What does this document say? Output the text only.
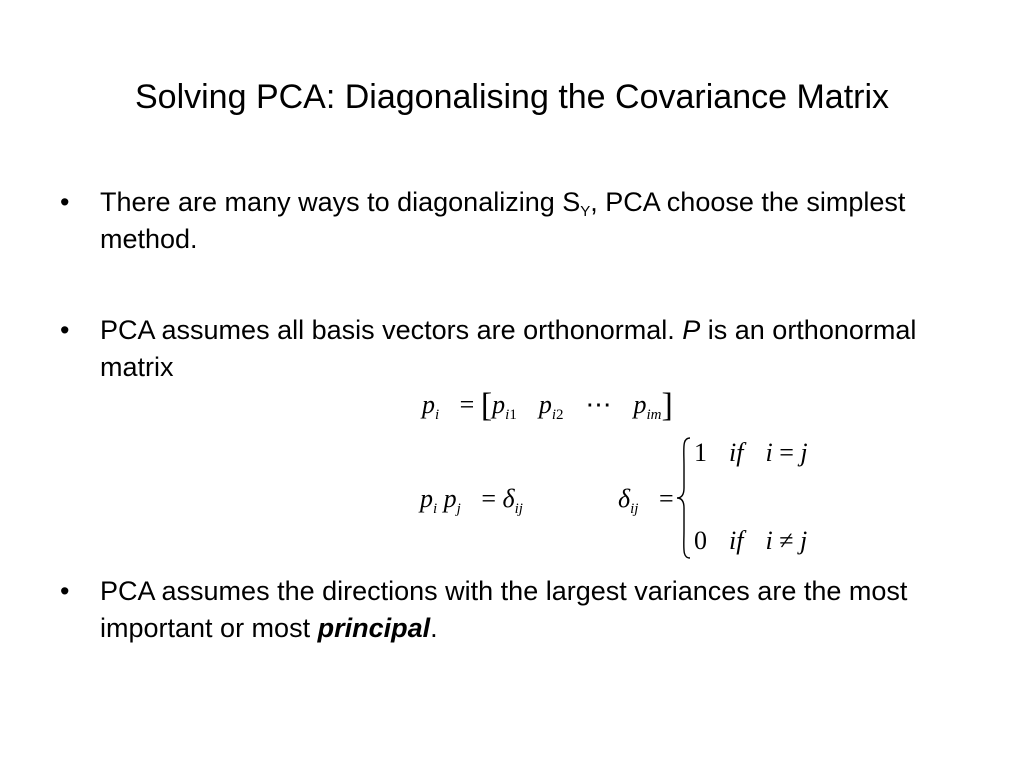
Solving PCA: Diagonalising the Covariance Matrix
• There are many ways to diagonalizing $S_Y$, PCA choose the simplest method.
• PCA assumes all basis vectors are orthonormal. P is an orthonormal matrix
$p_i = [p_{i1}$ $p_{i2}$ ⋯ $p_{im}$]
$p_i$ $p_j = \delta_{ij}$	$\delta_{ij}$ =
1 if i = j
0 if i ≠ j
• PCA assumes the directions with the largest variances are the most important or most principal.
